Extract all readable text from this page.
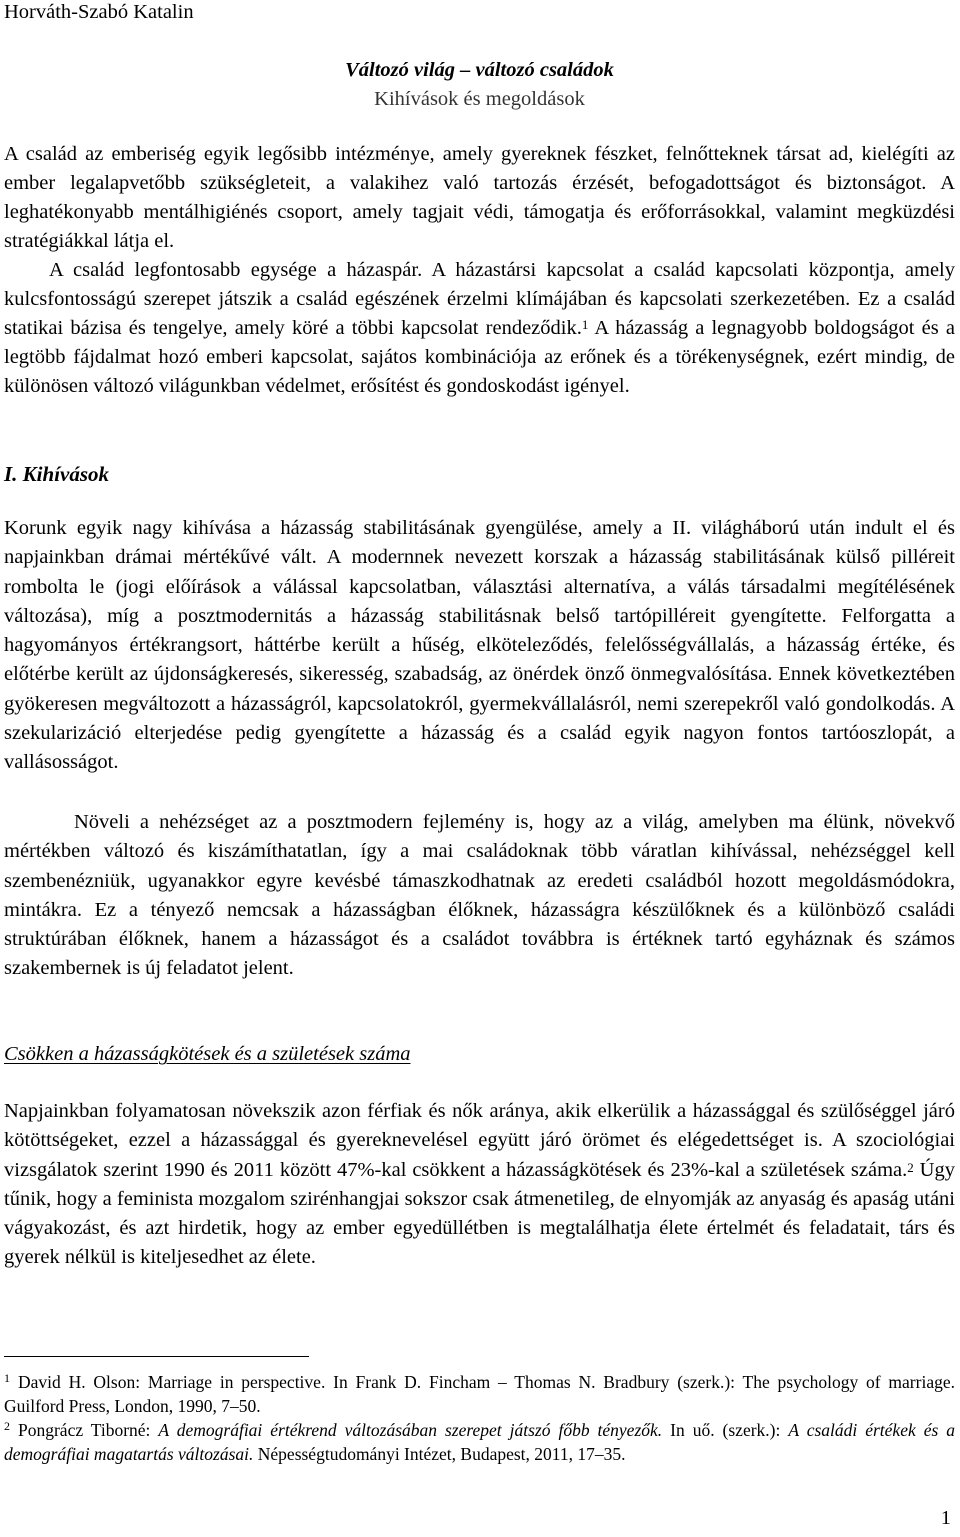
Horváth-Szabó Katalin
Változó világ – változó családok
Kihívások és megoldások

A család az emberiség egyik legősibb intézménye, amely gyereknek fészket, felnőtteknek társat ad, kielégíti az ember legalapvetőbb szükségleteit, a valakihez való tartozás érzését, befogadottságot és biztonságot. A leghatékonyabb mentálhigiénés csoport, amely tagjait védi, támogatja és erőforrásokkal, valamint megküzdési stratégiákkal látja el.

A család legfontosabb egysége a házaspár. A házastársi kapcsolat a család kapcsolati központja, amely kulcsfontosságú szerepet játszik a család egészének érzelmi klímájában és kapcsolati szerkezetében. Ez a család statikai bázisa és tengelye, amely köré a többi kapcsolat rendeződik.$^1$ A házasság a legnagyobb boldogságot és a legtöbb fájdalmat hozó emberi kapcsolat, sajátos kombinációja az erőnek és a törékenységnek, ezért mindig, de különösen változó világunkban védelmet, erősítést és gondoskodást igényel.

I. Kihívások

Korunk egyik nagy kihívása a házasság stabilitásának gyengülése, amely a II. világháború után indult el és napjainkban drámai mértékűvé vált. A modernnek nevezett korszak a házasság stabilitásának külső pilléreit rombolta le (jogi előírások a válással kapcsolatban, választási alternatíva, a válás társadalmi megítélésének változása), míg a posztmodernitás a házasság stabilitásnak belső tartópilléreit gyengítette. Felforgatta a hagyományos értékrangsort, háttérbe került a hűség, elköteleződés, felelősségvállalás, a házasság értéke, és előtérbe került az újdonságkeresés, sikeresség, szabadság, az önérdek önző önmegvalósítása. Ennek következtében gyökeresen megváltozott a házasságról, kapcsolatokról, gyermekvállalásról, nemi szerepekről való gondolkodás. A szekularizáció elterjedése pedig gyengítette a házasság és a család egyik nagyon fontos tartóoszlopát, a vallásosságot.

Növeli a nehézséget az a posztmodern fejlemény is, hogy az a világ, amelyben ma élünk, növekvő mértékben változó és kiszámíthatatlan, így a mai családoknak több váratlan kihívással, nehézséggel kell szembenézniük, ugyanakkor egyre kevésbé támaszkodhatnak az eredeti családból hozott megoldásmódokra, mintákra. Ez a tényező nemcsak a házasságban élőknek, házasságra készülőknek és a különböző családi struktúrában élőknek, hanem a házasságot és a családot továbbra is értéknek tartó egyháznak és számos szakembernek is új feladatot jelent.

Csökken a házasságkötések és a születések száma

Napjainkban folyamatosan növekszik azon férfiak és nők aránya, akik elkerülik a házassággal és szülőséggel járó kötöttségeket, ezzel a házassággal és gyereknevelésel együtt járó örömet és elégedettséget is. A szociológiai vizsgálatok szerint 1990 és 2011 között 47%-kal csökkent a házasságkötések és 23%-kal a születések száma.$^2$ Úgy tűnik, hogy a feminista mozgalom szirénhangjai sokszor csak átmenetileg, de elnyomják az anyaság és apaság utáni vágyakozást, és azt hirdetik, hogy az ember egyedüllétben is megtalálhatja élete értelmét és feladatait, társ és gyerek nélkül is kiteljesedhet az élete.

$^1$ David H. Olson: Marriage in perspective. In Frank D. Fincham – Thomas N. Bradbury (szerk.): The psychology of marriage. Guilford Press, London, 1990, 7–50.

$^2$ Pongrácz Tiborné: A demográfiai értékrend változásában szerepet játszó főbb tényezők. In uő. (szerk.): A családi értékek és a demográfiai magatartás változásai. Népességtudományi Intézet, Budapest, 2011, 17–35.

1
